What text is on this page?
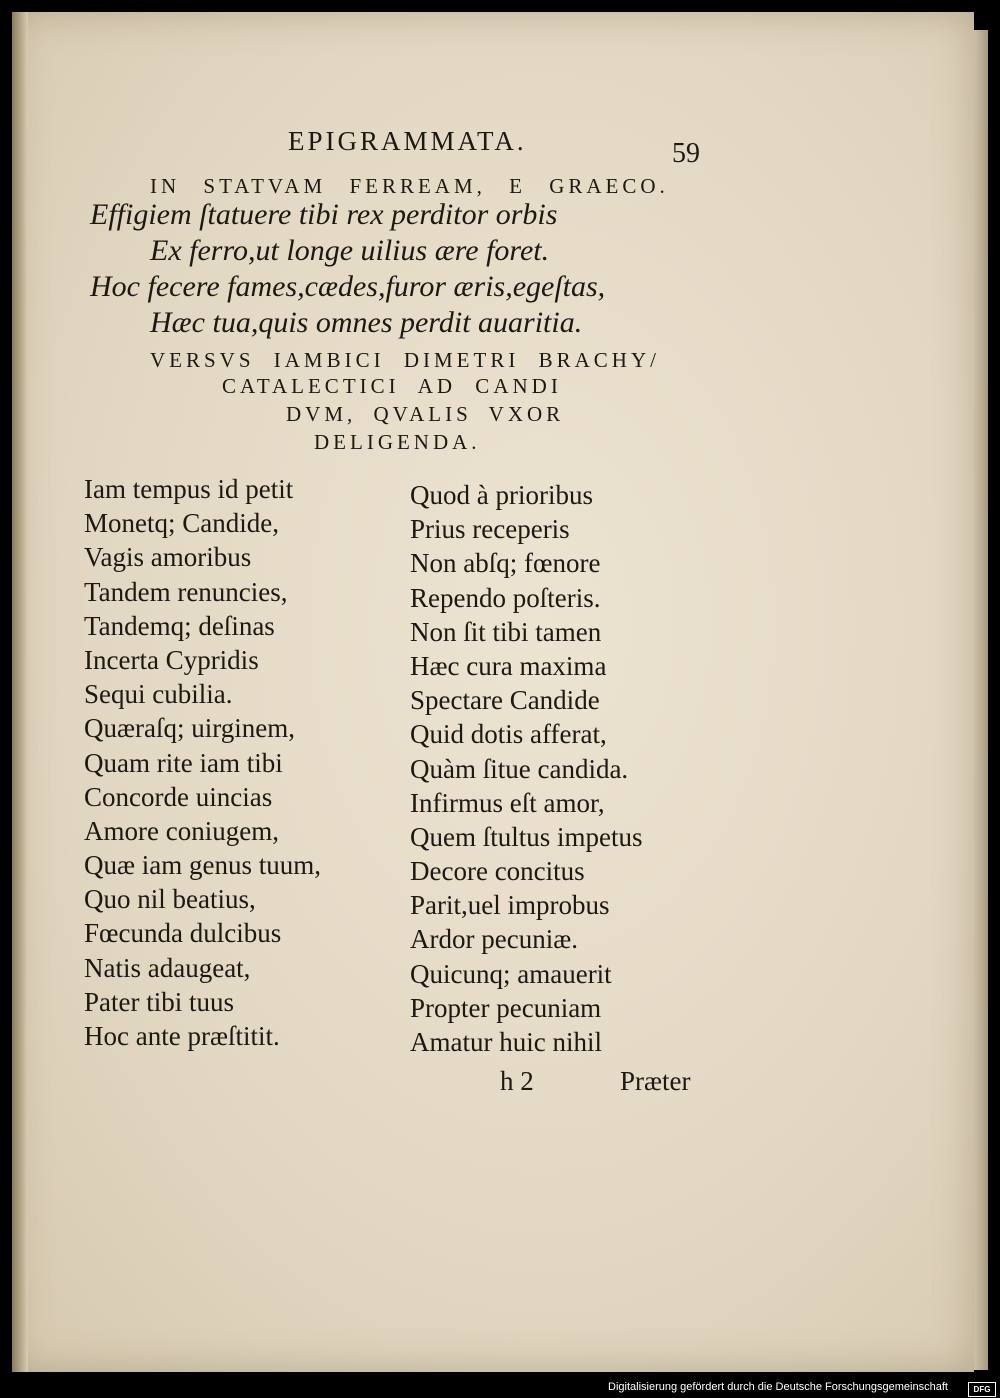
EPIGRAMMATA.	59
IN STATVAM FERREAM, E GRAECO.
Effigiem ſtatuere tibi rex perditor orbis
Ex ferro,ut longe uilius ære foret.
Hoc fecere fames,cædes,furor æris,egeſtas,
Hæc tua,quis omnes perdit auaritia.
VERSVS IAMBICI DIMETRI BRACHY/
CATALECTICI AD CANDI
DVM, QVALIS VXOR
DELIGENDA.
Iam tempus id petit
Monetq; Candide,
Vagis amoribus
Tandem renuncies,
Tandemq; deſinas
Incerta Cypridis
Sequi cubilia.
Quæraſq; uirginem,
Quam rite iam tibi
Concorde uincias
Amore coniugem,
Quæ iam genus tuum,
Quo nil beatius,
Fœcunda dulcibus
Natis adaugeat,
Pater tibi tuus
Hoc ante præſtitit.
Quod à prioribus
Prius receperis
Non abſq; fœnore
Rependo poſteris.
Non ſit tibi tamen
Hæc cura maxima
Spectare Candide
Quid dotis afferat,
Quàm ſitue candida.
Infirmus eſt amor,
Quem ſtultus impetus
Decore concitus
Parit,uel improbus
Ardor pecuniæ.
Quicunq; amauerit
Propter pecuniam
Amatur huic nihil
h 2	Præter
Digitalisierung gefördert durch die Deutsche Forschungsgemeinschaft	DFG
